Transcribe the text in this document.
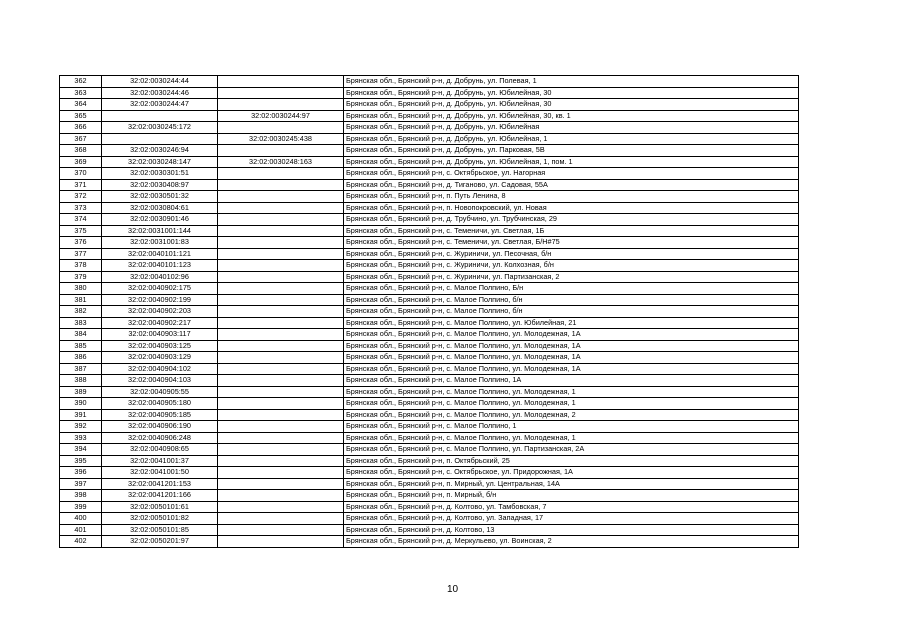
362	32:02:0030244:44		Брянская обл., Брянский р-н, д. Добрунь, ул. Полевая, 1
363	32:02:0030244:46		Брянская обл., Брянский р-н, д. Добрунь, ул. Юбилейная, 30
364	32:02:0030244:47		Брянская обл., Брянский р-н, д. Добрунь, ул. Юбилейная, 30
365		32:02:0030244:97	Брянская обл., Брянский р-н, д. Добрунь, ул. Юбилейная, 30, кв. 1
366	32:02:0030245:172		Брянская обл., Брянский р-н, д. Добрунь, ул. Юбилейная
367		32:02:0030245:438	Брянская обл., Брянский р-н, д. Добрунь, ул. Юбилейная, 1
368	32:02:0030246:94		Брянская обл., Брянский р-н, д. Добрунь, ул. Парковая, 5В
369	32:02:0030248:147	32:02:0030248:163	Брянская обл., Брянский р-н, д. Добрунь, ул. Юбилейная, 1, пом. 1
370	32:02:0030301:51		Брянская обл., Брянский р-н, с. Октябрьское, ул. Нагорная
371	32:02:0030408:97		Брянская обл., Брянский р-н, д. Тиганово, ул. Садовая, 55А
372	32:02:0030501:32		Брянская обл., Брянский р-н, п. Путь Ленина, 8
373	32:02:0030804:61		Брянская обл., Брянский р-н, п. Новопокровский, ул. Новая
374	32:02:0030901:46		Брянская обл., Брянский р-н, д. Трубчино, ул. Трубчинская, 29
375	32:02:0031001:144		Брянская обл., Брянский р-н, с. Теменичи, ул. Светлая, 1Б
376	32:02:0031001:83		Брянская обл., Брянский р-н, с. Теменичи, ул. Светлая, Б/Н#75
377	32:02:0040101:121		Брянская обл., Брянский р-н, с. Журиничи, ул. Песочная, б/н
378	32:02:0040101:123		Брянская обл., Брянский р-н, с. Журиничи, ул. Колхозная, б/н
379	32:02:0040102:96		Брянская обл., Брянский р-н, с. Журиничи, ул. Партизанская, 2
380	32:02:0040902:175		Брянская обл., Брянский р-н, с. Малое Полпино, Б/н
381	32:02:0040902:199		Брянская обл., Брянский р-н, с. Малое Полпино, б/н
382	32:02:0040902:203		Брянская обл., Брянский р-н, с. Малое Полпино, б/н
383	32:02:0040902:217		Брянская обл., Брянский р-н, с. Малое Полпино, ул. Юбилейная, 21
384	32:02:0040903:117		Брянская обл., Брянский р-н, с. Малое Полпино, ул. Молодежная, 1А
385	32:02:0040903:125		Брянская обл., Брянский р-н, с. Малое Полпино, ул. Молодежная, 1А
386	32:02:0040903:129		Брянская обл., Брянский р-н, с. Малое Полпино, ул. Молодежная, 1А
387	32:02:0040904:102		Брянская обл., Брянский р-н, с. Малое Полпино, ул. Молодежная, 1А
388	32:02:0040904:103		Брянская обл., Брянский р-н, с. Малое Полпино, 1А
389	32:02:0040905:55		Брянская обл., Брянский р-н, с. Малое Полпино, ул. Молодежная, 1
390	32:02:0040905:180		Брянская обл., Брянский р-н, с. Малое Полпино, ул. Молодежная, 1
391	32:02:0040905:185		Брянская обл., Брянский р-н, с. Малое Полпино, ул. Молодежная, 2
392	32:02:0040906:190		Брянская обл., Брянский р-н, с. Малое Полпино, 1
393	32:02:0040906:248		Брянская обл., Брянский р-н, с. Малое Полпино, ул. Молодежная, 1
394	32:02:0040908:65		Брянская обл., Брянский р-н, с. Малое Полпино, ул. Партизанская, 2А
395	32:02:0041001:37		Брянская обл., Брянский р-н, п. Октябрьский, 25
396	32:02:0041001:50		Брянская обл., Брянский р-н, с. Октябрьское, ул. Придорожная, 1А
397	32:02:0041201:153		Брянская обл., Брянский р-н, п. Мирный, ул. Центральная, 14А
398	32:02:0041201:166		Брянская обл., Брянский р-н, п. Мирный, б/н
399	32:02:0050101:61		Брянская обл., Брянский р-н, д. Колтово, ул. Тамбовская, 7
400	32:02:0050101:82		Брянская обл., Брянский р-н, д. Колтово, ул. Западная, 17
401	32:02:0050101:85		Брянская обл., Брянский р-н, д. Колтово, 13
402	32:02:0050201:97		Брянская обл., Брянский р-н, д. Меркульево, ул. Воинская, 2
10
